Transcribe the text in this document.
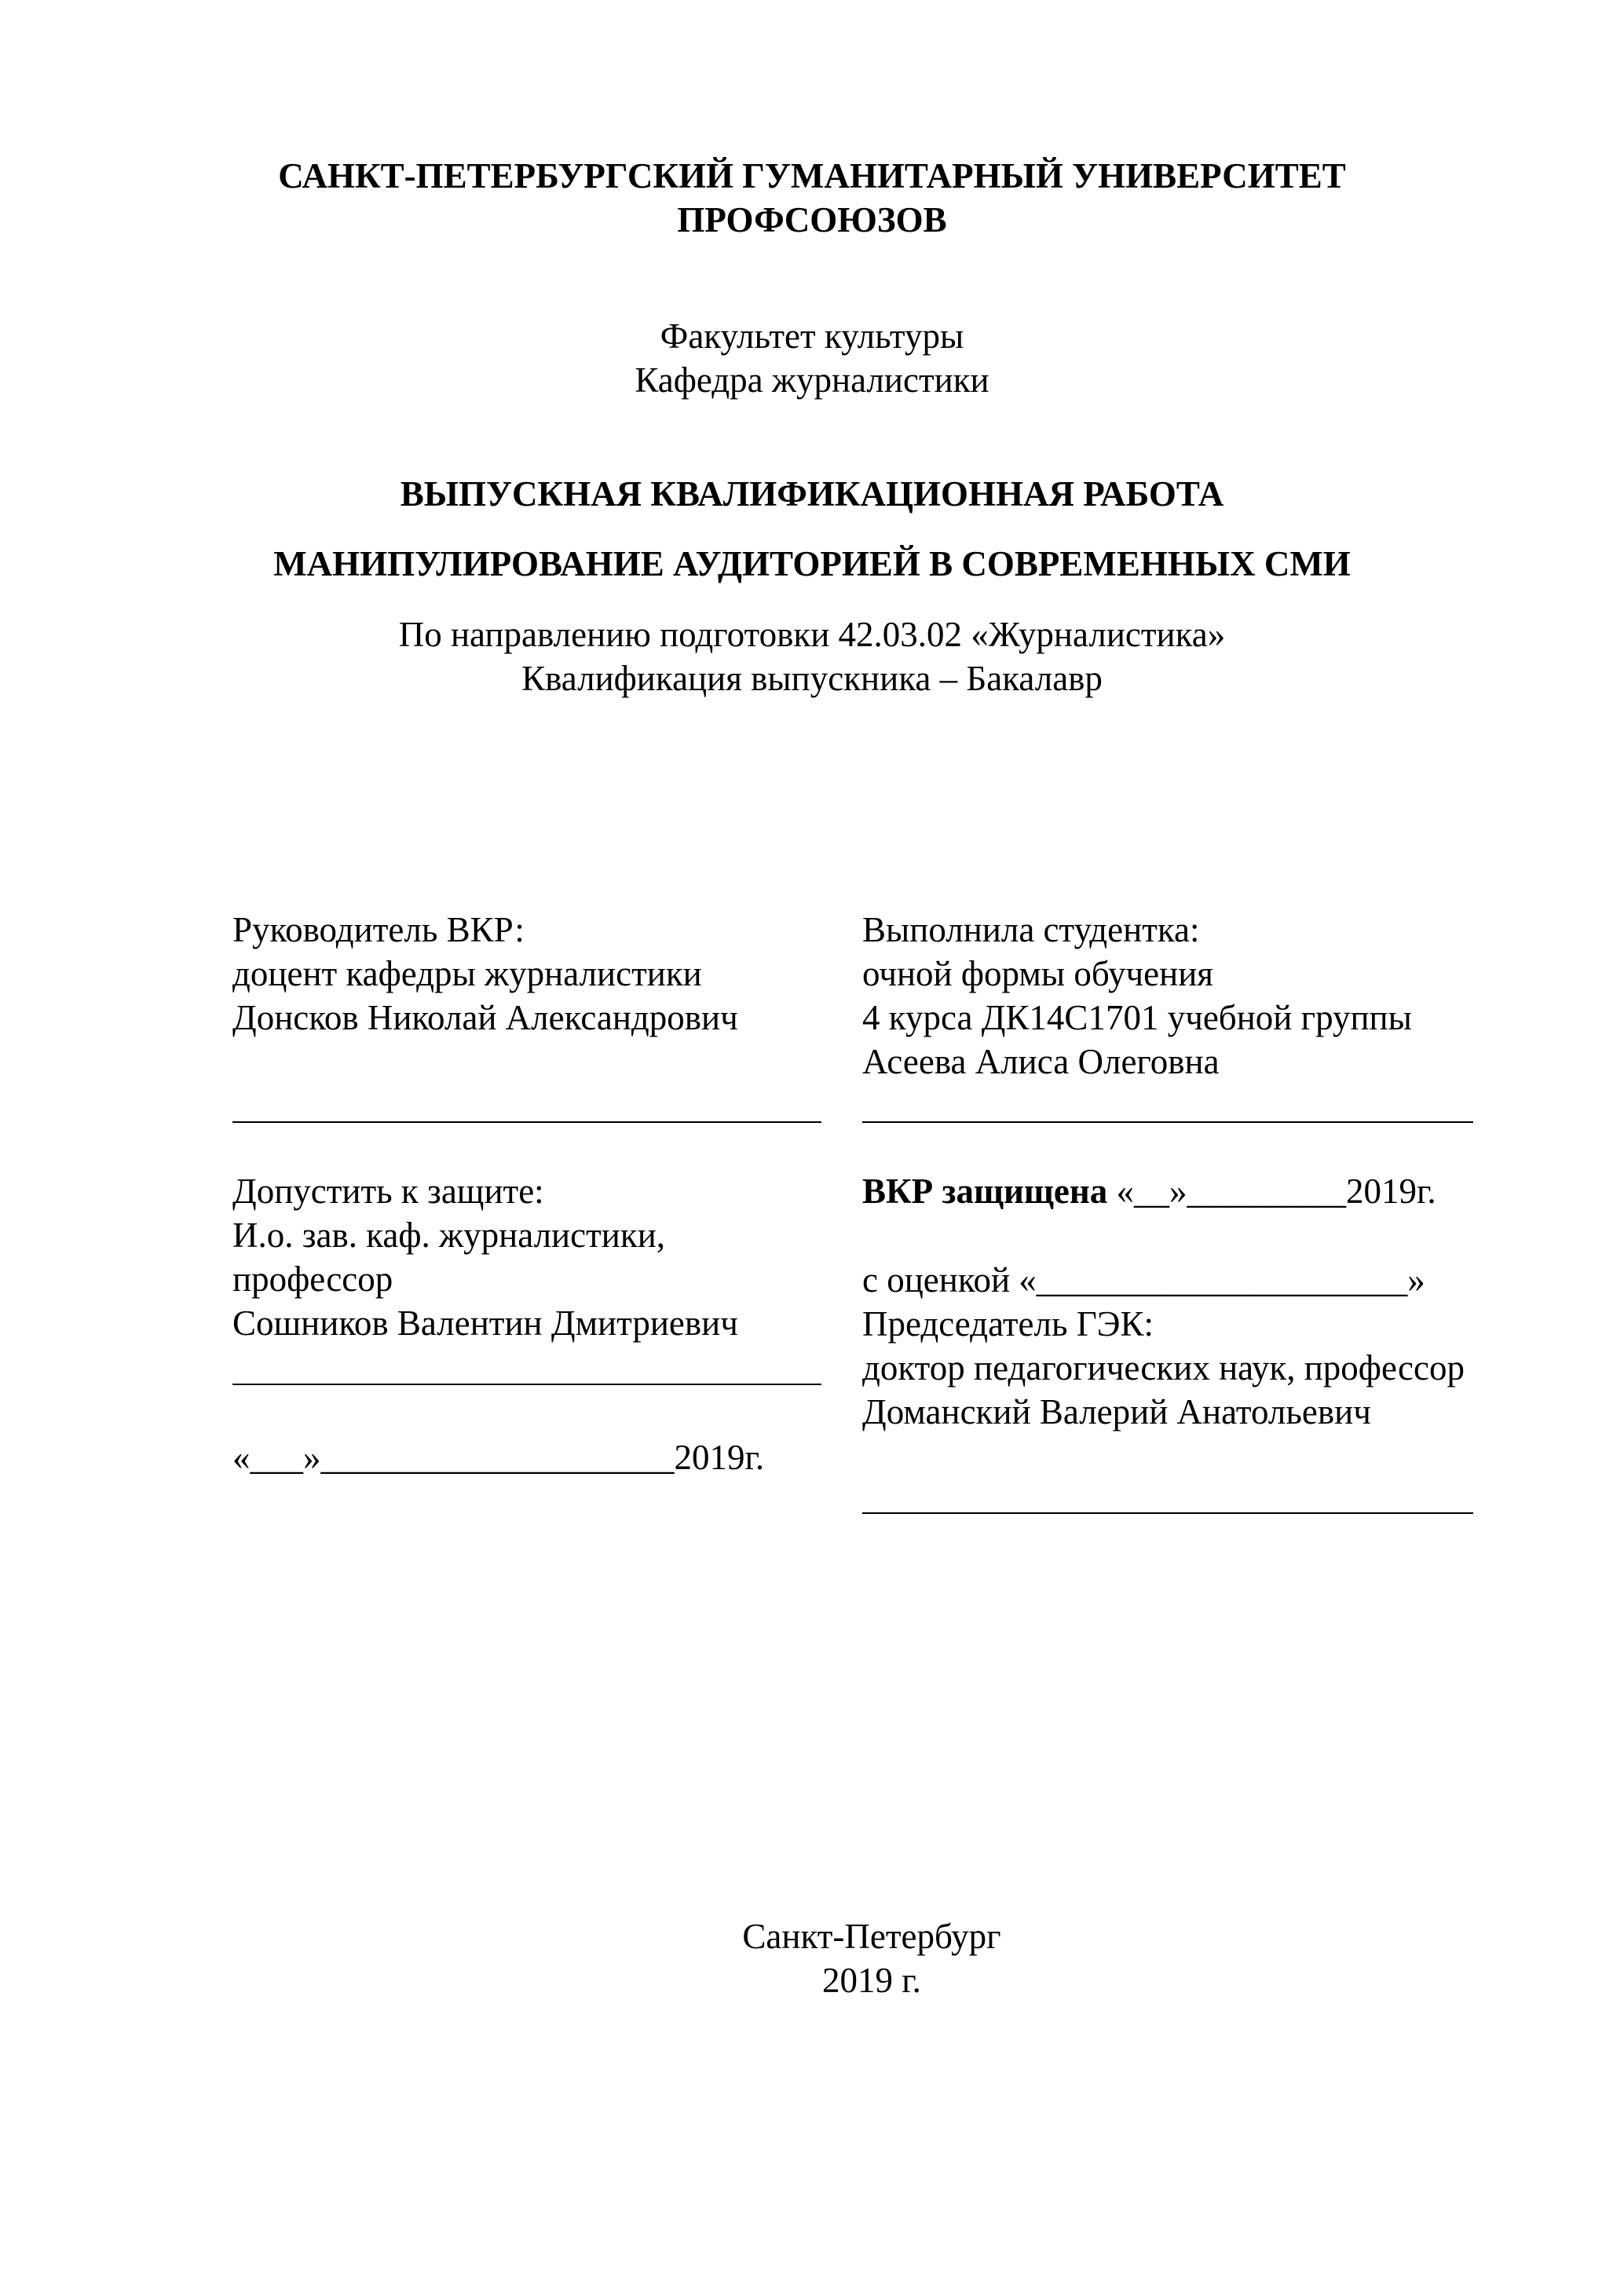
САНКТ-ПЕТЕРБУРГСКИЙ ГУМАНИТАРНЫЙ УНИВЕРСИТЕТ
ПРОФСОЮЗОВ
Факультет культуры
Кафедра журналистики
ВЫПУСКНАЯ КВАЛИФИКАЦИОННАЯ РАБОТА
МАНИПУЛИРОВАНИЕ АУДИТОРИЕЙ В СОВРЕМЕННЫХ СМИ
По направлению подготовки 42.03.02 «Журналистика»
Квалификация выпускника – Бакалавр
Руководитель ВКР:
доцент кафедры журналистики
Донсков Николай Александрович
Выполнила студентка:
очной формы обучения
4 курса ДК14С1701 учебной группы
Асеева Алиса Олеговна
Допустить к защите:
И.о. зав. каф. журналистики,
профессор
Сошников Валентин Дмитриевич
«___»____________________2019г.
ВКР защищена «__»_________2019г.
с оценкой «_____________________»
Председатель ГЭК:
доктор педагогических наук, профессор
Доманский Валерий Анатольевич
Санкт-Петербург
2019 г.
